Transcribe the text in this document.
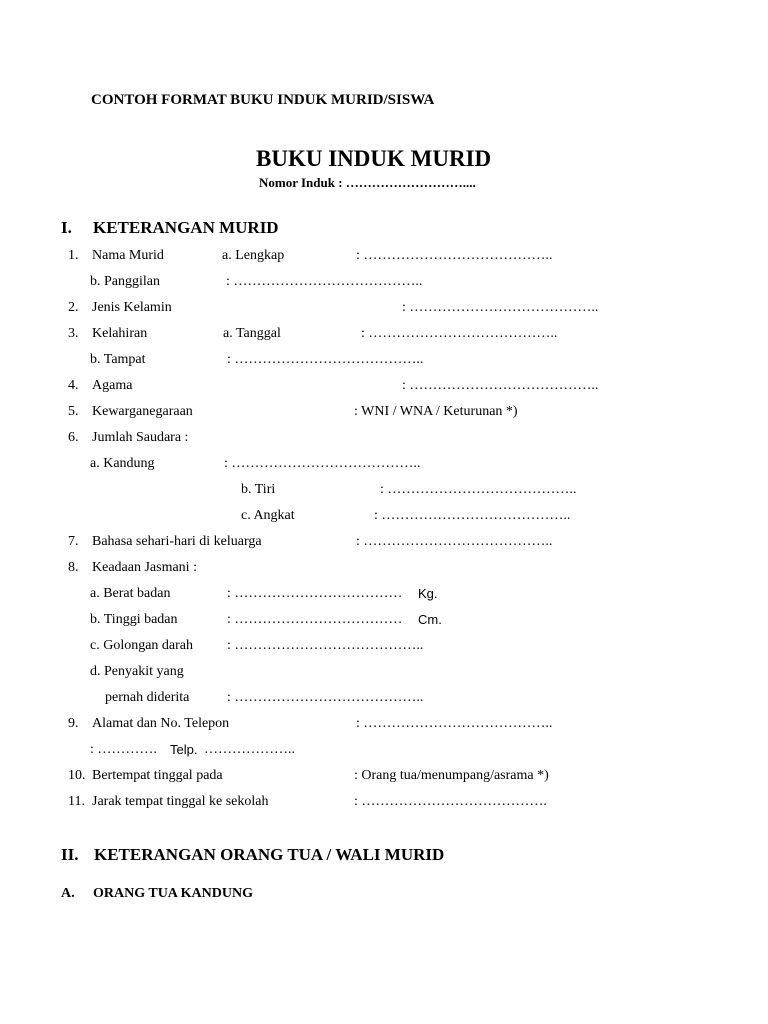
CONTOH FORMAT BUKU INDUK MURID/SISWA
BUKU INDUK MURID
Nomor Induk : ………………………....
I. KETERANGAN MURID
1. Nama Murid	a. Lengkap	: …………………………………..
b. Panggilan	: …………………………………..
2. Jenis Kelamin	: …………………………………..
3. Kelahiran	a. Tanggal	: …………………………………..
b. Tampat	: …………………………………..
4. Agama	: …………………………………..
5. Kewarganegaraan	: WNI / WNA / Keturunan *)
6. Jumlah Saudara :
a. Kandung	: …………………………………..
b. Tiri	: …………………………………..
c. Angkat	: …………………………………..
7. Bahasa sehari-hari di keluarga	: …………………………………..
8. Keadaan Jasmani :
a. Berat badan	: ……………………………… Kg.
b. Tinggi badan	: ……………………………… Cm.
c. Golongan darah : …………………………………..
d. Penyakit yang
pernah diderita	: …………………………………..
9. Alamat dan No. Telepon	: …………………………………..
: …………. Telp. ………………..
10. Bertempat tinggal pada	: Orang tua/menumpang/asrama *)
11. Jarak tempat tinggal ke sekolah	: ………………………………….
II. KETERANGAN ORANG TUA / WALI MURID
A. ORANG TUA KANDUNG
